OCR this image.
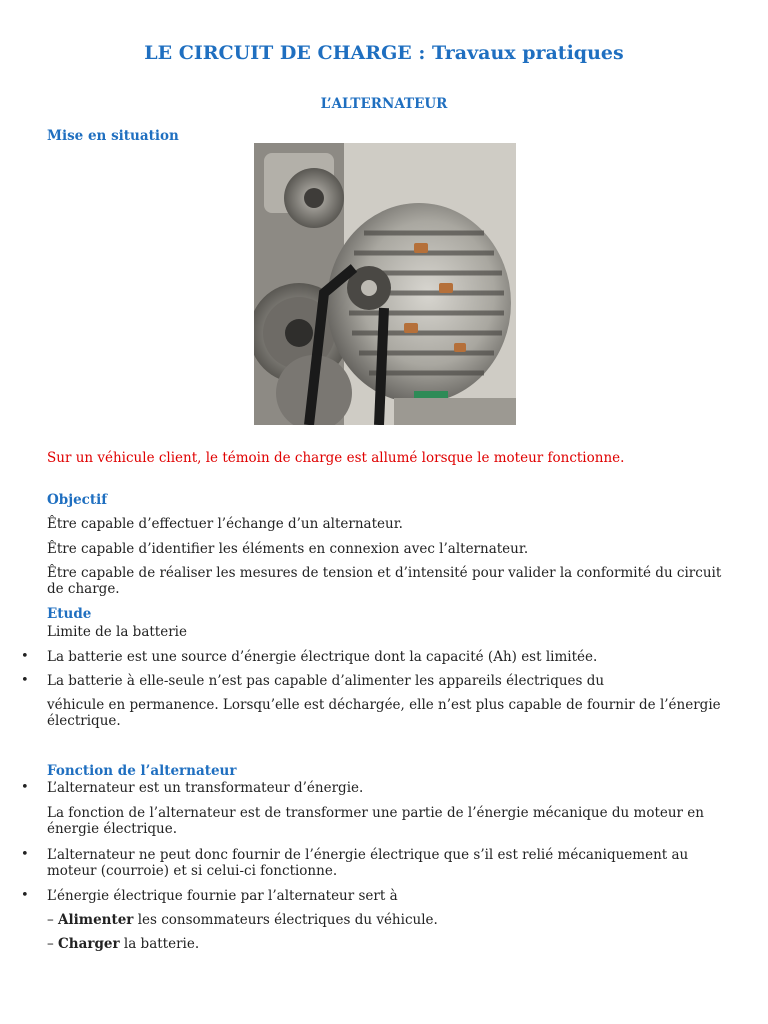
LE CIRCUIT DE CHARGE : Travaux pratiques
L’ALTERNATEUR
Mise en situation
Sur un véhicule client, le témoin de charge est allumé lorsque le moteur fonctionne.
Objectif
Être capable d’effectuer l’échange d’un alternateur.
Être capable d’identifier les éléments en connexion avec l’alternateur.
Être capable de réaliser les mesures de tension et d’intensité pour valider la conformité du circuit de charge.
Etude
Limite de la batterie
• La batterie est une source d’énergie électrique dont la capacité (Ah) est limitée.
• La batterie à elle-seule n’est pas capable d’alimenter les appareils électriques du
véhicule en permanence. Lorsqu’elle est déchargée, elle n’est plus capable de fournir de l’énergie électrique.
Fonction de l’alternateur
• L’alternateur est un transformateur d’énergie.
La fonction de l’alternateur est de transformer une partie de l’énergie mécanique du moteur en énergie électrique.
• L’alternateur ne peut donc fournir de l’énergie électrique que s’il est relié mécaniquement au moteur (courroie) et si celui-ci fonctionne.
• L’énergie électrique fournie par l’alternateur sert à
– Alimenter les consommateurs électriques du véhicule.
– Charger la batterie.
